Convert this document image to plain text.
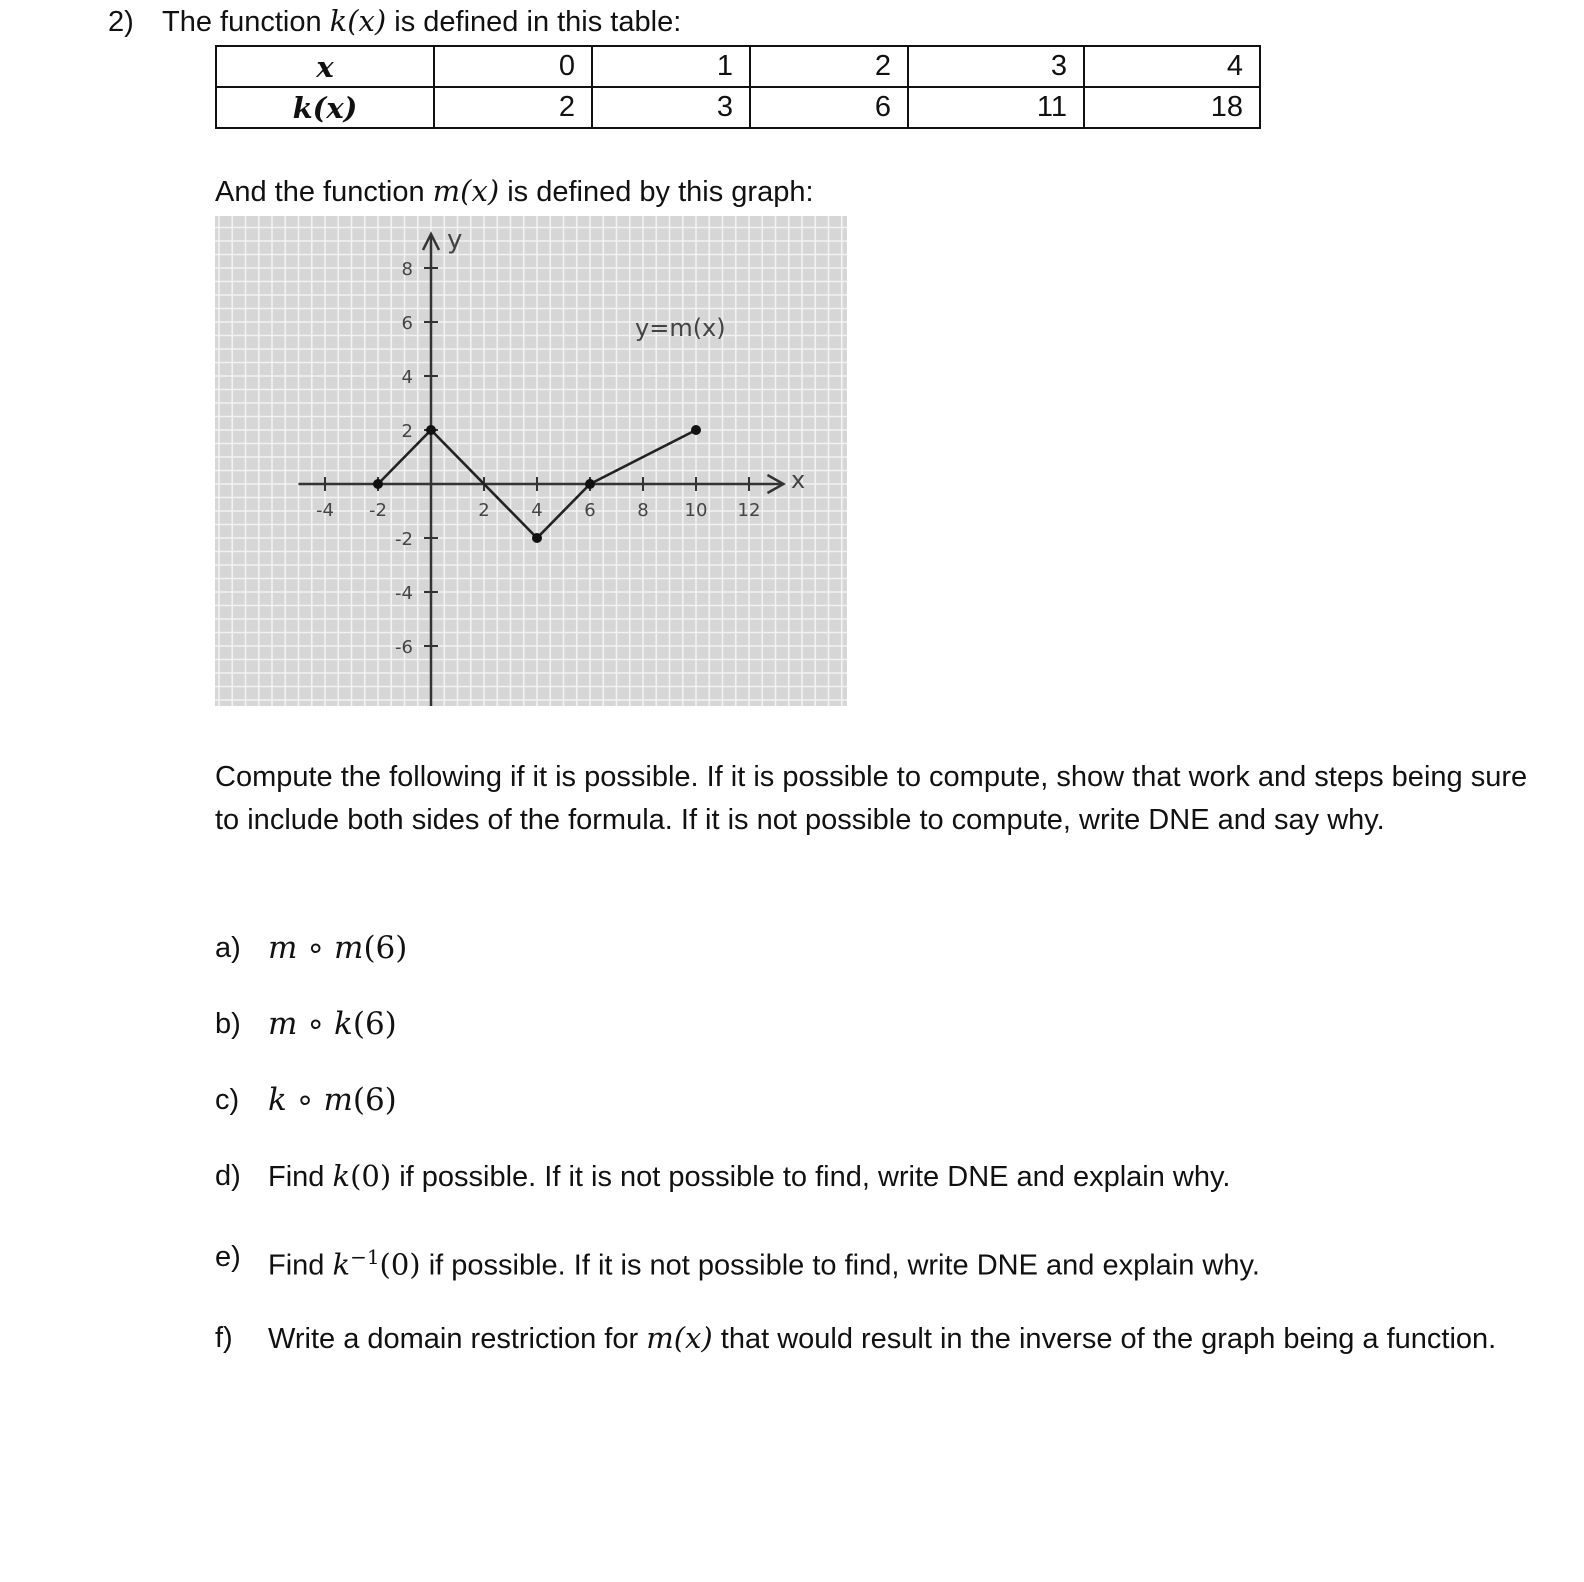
2) The function k(x) is defined in this table:
x	0	1	2	3	4
k(x)	2	3	6	11	18
And the function m(x) is defined by this graph:
-4 -2	2 4 6 8 10 12
8
6
4
2
-2
-4
-6
y=m(x)
x
y
Compute the following if it is possible. If it is possible to compute, show that work and steps being sure to include both sides of the formula. If it is not possible to compute, write DNE and say why.
a) m ∘ m(6)
b) m ∘ k(6)
c) k ∘ m(6)
d) Find k(0) if possible. If it is not possible to find, write DNE and explain why.
e) Find $k^{-1}(0)$ if possible. If it is not possible to find, write DNE and explain why.
f)	Write a domain restriction for m(x) that would result in the inverse of the graph being a function.
